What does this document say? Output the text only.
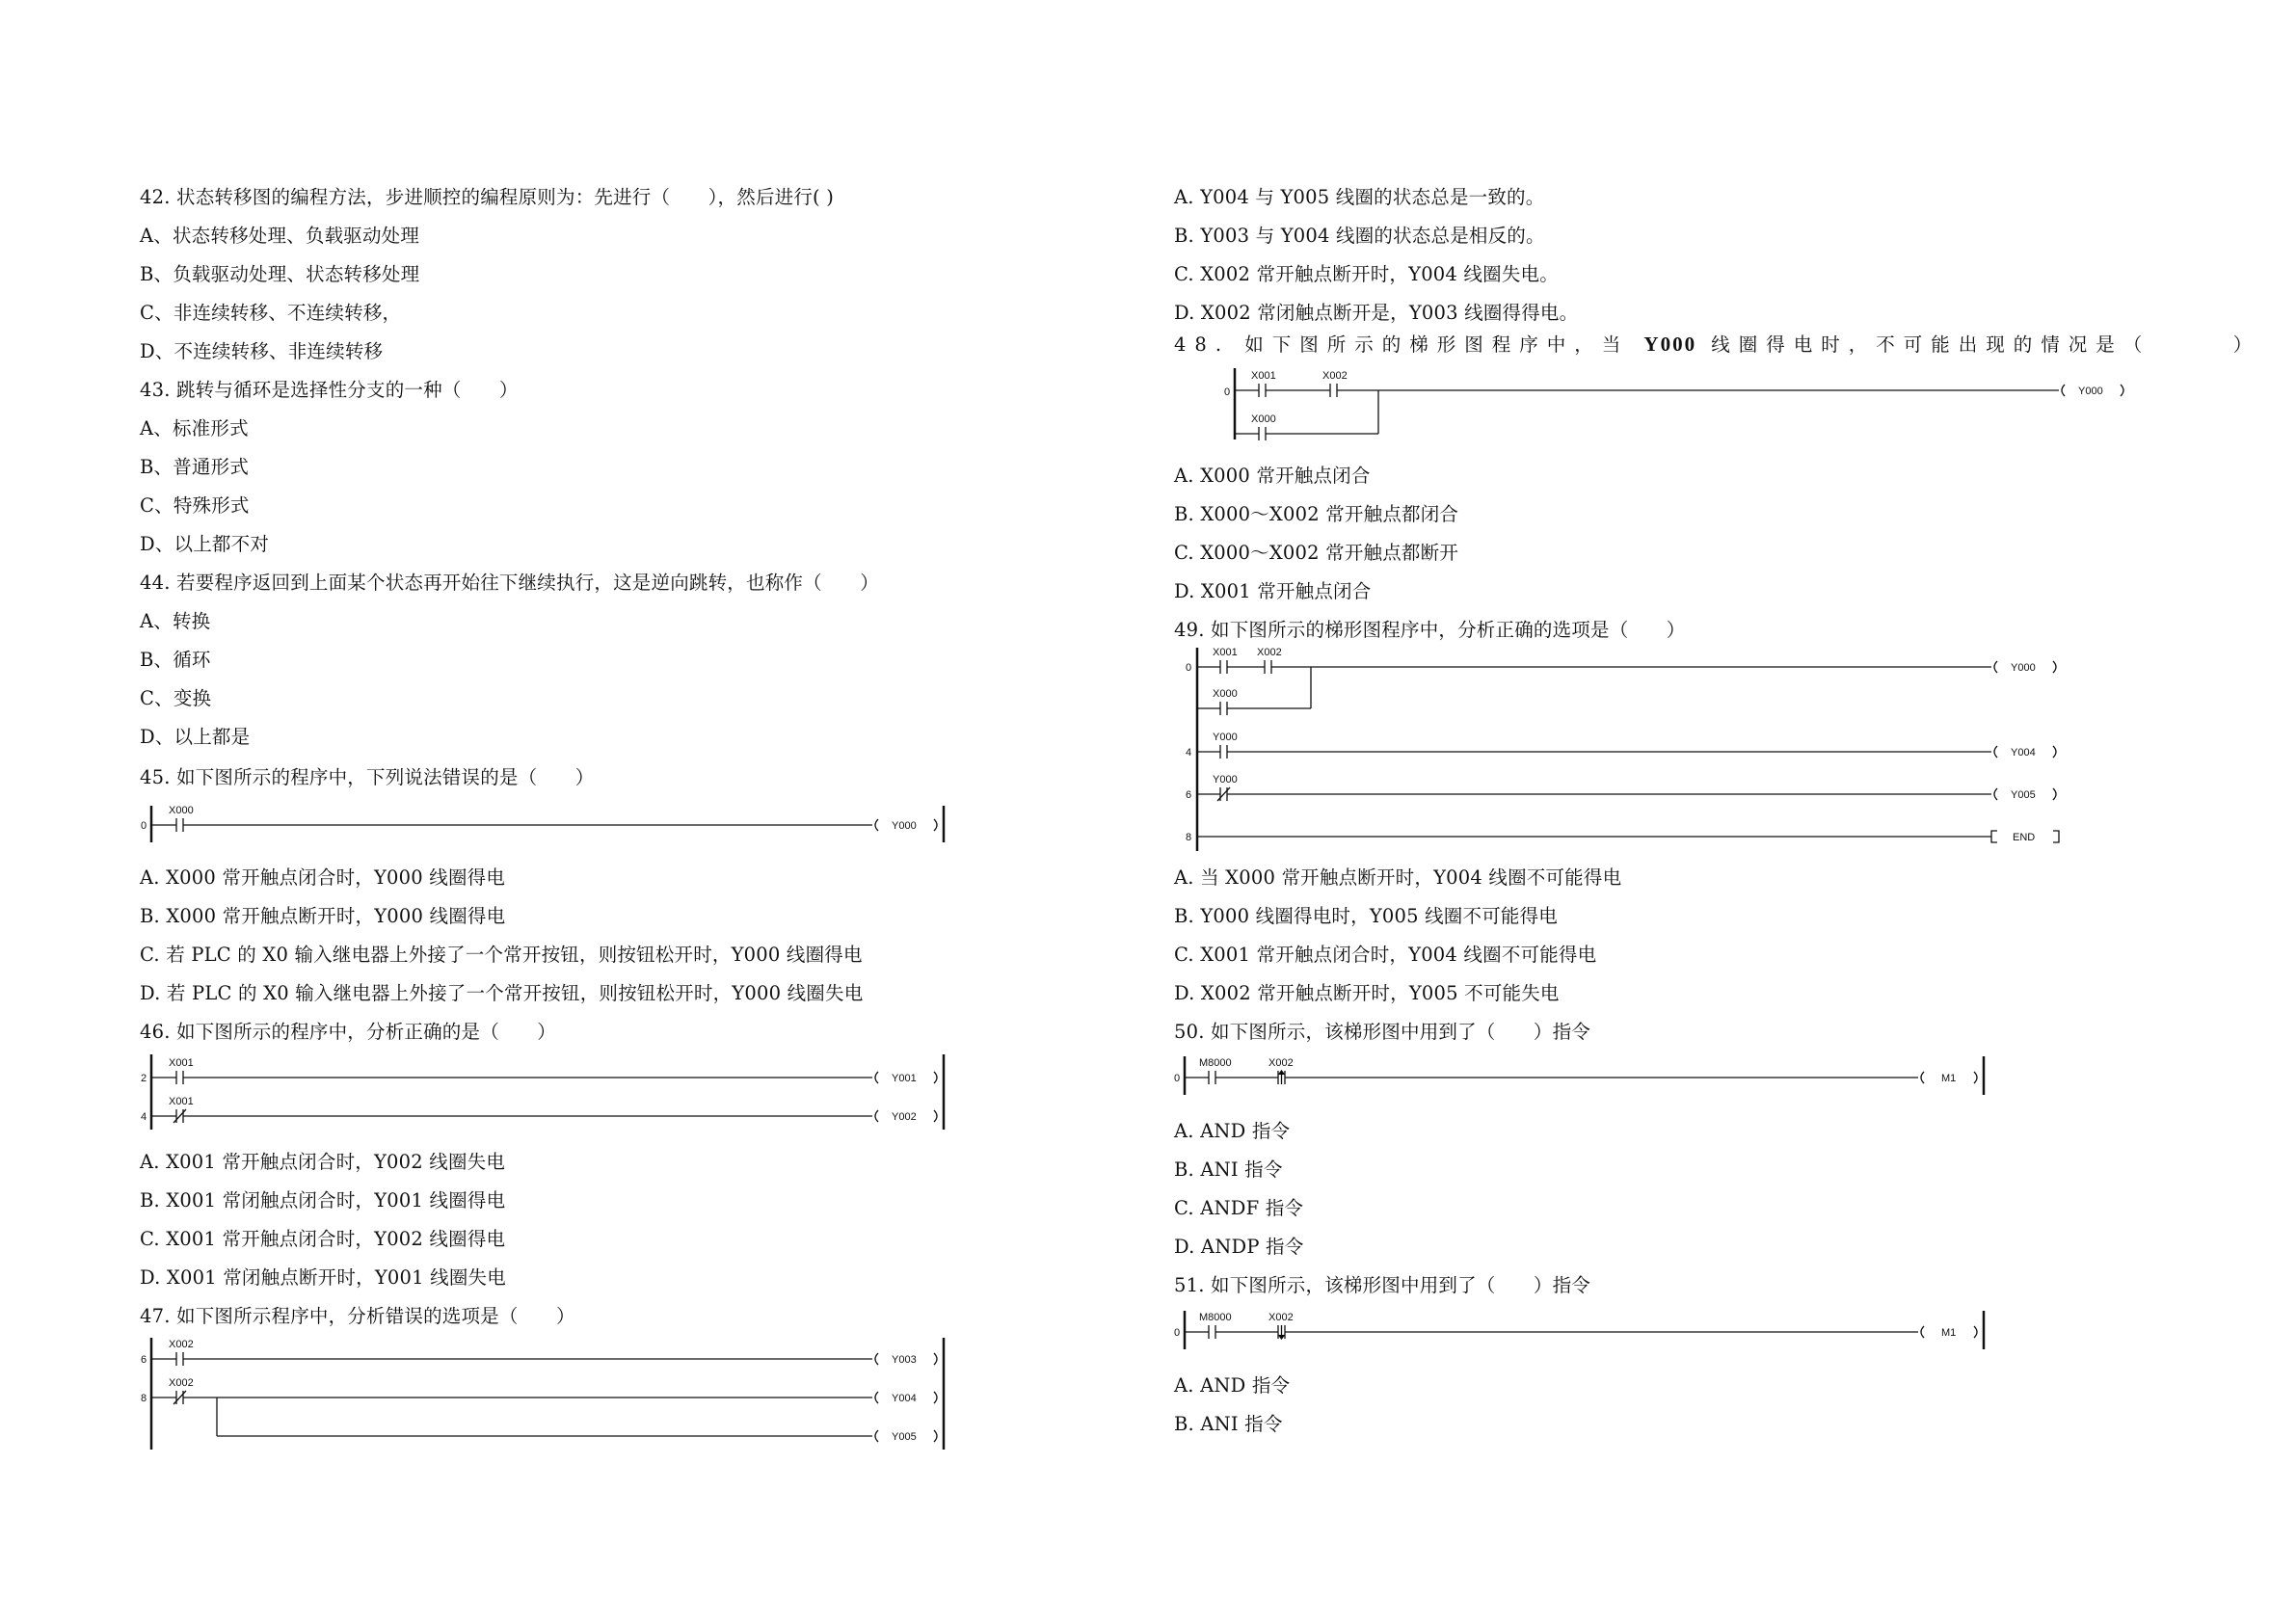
42. 状态转移图的编程方法，步进顺控的编程原则为：先进行（　　），然后进行( )
A、状态转移处理、负载驱动处理
B、负载驱动处理、状态转移处理
C、非连续转移、不连续转移，
D、不连续转移、非连续转移
43. 跳转与循环是选择性分支的一种（　　）
A、标准形式
B、普通形式
C、特殊形式
D、以上都不对
44. 若要程序返回到上面某个状态再开始往下继续执行，这是逆向跳转，也称作（　　）
A、转换
B、循环
C、变换
D、以上都是
45. 如下图所示的程序中，下列说法错误的是（　　）
0
X000
Y000
A. X000 常开触点闭合时，Y000 线圈得电
B. X000 常开触点断开时，Y000 线圈得电
C. 若 PLC 的 X0 输入继电器上外接了一个常开按钮，则按钮松开时，Y000 线圈得电
D. 若 PLC 的 X0 输入继电器上外接了一个常开按钮，则按钮松开时，Y000 线圈失电
46. 如下图所示的程序中，分析正确的是（　　）
2
4
X001
Y001
X001
Y002
A. X001 常开触点闭合时，Y002 线圈失电
B. X001 常闭触点闭合时，Y001 线圈得电
C. X001 常开触点闭合时，Y002 线圈得电
D. X001 常闭触点断开时，Y001 线圈失电
47. 如下图所示程序中，分析错误的选项是（　　）
6
8
X002
Y003
X002
Y004
Y005
A. Y004 与 Y005 线圈的状态总是一致的。
B. Y003 与 Y004 线圈的状态总是相反的。
C. X002 常开触点断开时，Y004 线圈失电。
D. X002 常闭触点断开是，Y003 线圈得得电。
48. 如下图所示的梯形图程序中，当 Y000 线圈得电时，不可能出现的情况是（　　　）
0
X001	X002
X000
Y000
A. X000 常开触点闭合
B. X000～X002 常开触点都闭合
C. X000～X002 常开触点都断开
D. X001 常开触点闭合
49. 如下图所示的梯形图程序中，分析正确的选项是（　　）
0
4
6
8
X001 X002
Y000
X000
Y000
Y004
Y000
Y005
END
A. 当 X000 常开触点断开时，Y004 线圈不可能得电
B. Y000 线圈得电时，Y005 线圈不可能得电
C. X001 常开触点闭合时，Y004 线圈不可能得电
D. X002 常开触点断开时，Y005 不可能失电
50. 如下图所示，该梯形图中用到了（　　）指令
0
M8000	X002
M1
A. AND 指令
B. ANI 指令
C. ANDF 指令
D. ANDP 指令
51. 如下图所示，该梯形图中用到了（　　）指令
0
M8000	X002
M1
A. AND 指令
B. ANI 指令
